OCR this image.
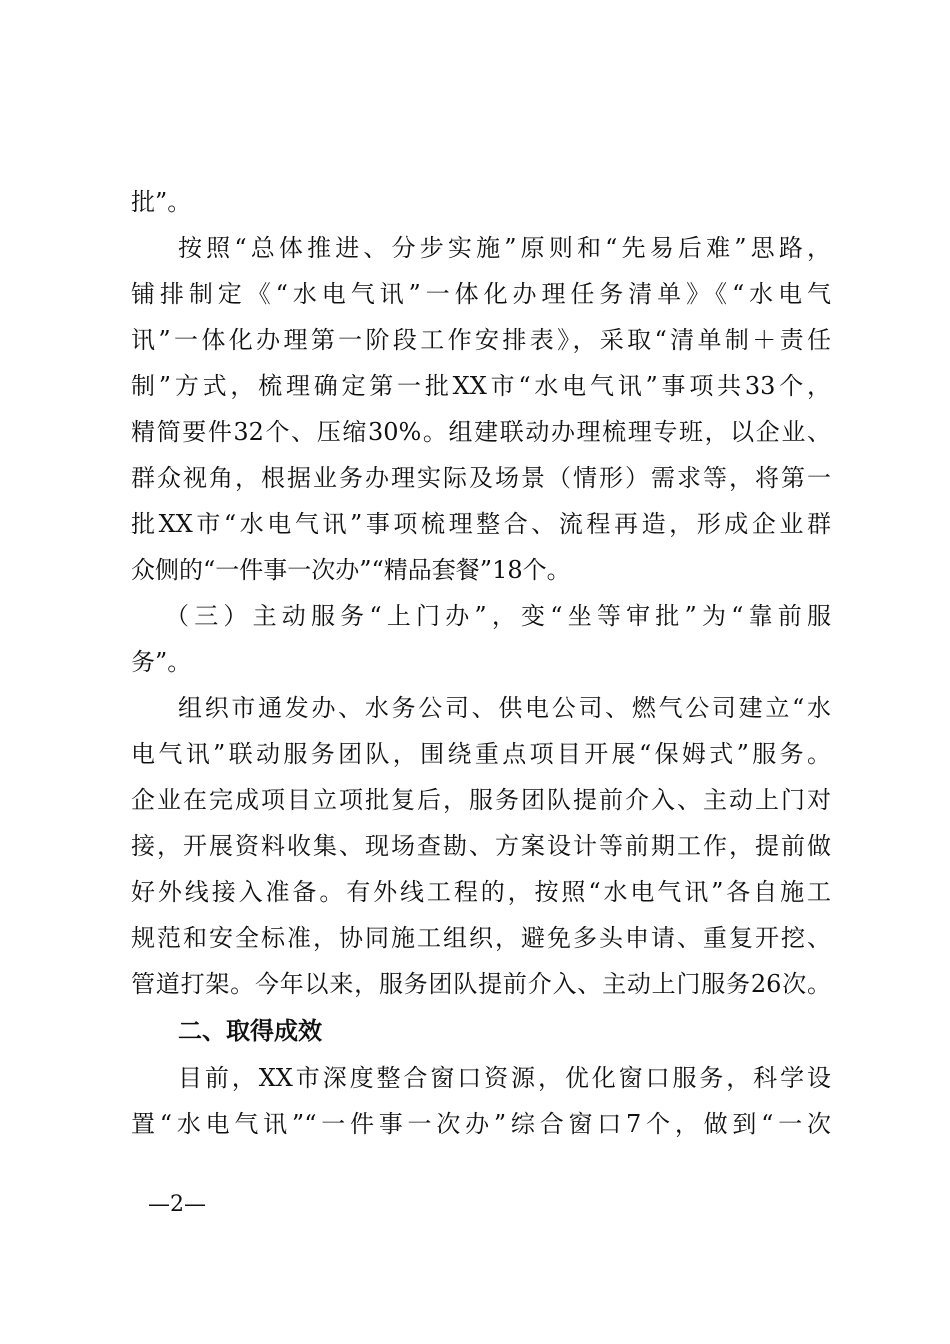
批”。
按照“总体推进、分步实施”原则和“先易后难”思路，
铺排制定《“水电气讯”一体化办理任务清单》《“水电气
讯”一体化办理第一阶段工作安排表》，采取“清单制＋责任
制”方式，梳理确定第一批XX市“水电气讯”事项共33个，
精简要件32个、压缩30%。组建联动办理梳理专班，以企业、
群众视角，根据业务办理实际及场景（情形）需求等，将第一
批XX市“水电气讯”事项梳理整合、流程再造，形成企业群
众侧的“一件事一次办”“精品套餐”18个。
（三）主动服务“上门办”，变“坐等审批”为“靠前服
务”。
组织市通发办、水务公司、供电公司、燃气公司建立“水
电气讯”联动服务团队，围绕重点项目开展“保姆式”服务。
企业在完成项目立项批复后，服务团队提前介入、主动上门对
接，开展资料收集、现场查勘、方案设计等前期工作，提前做
好外线接入准备。有外线工程的，按照“水电气讯”各自施工
规范和安全标准，协同施工组织，避免多头申请、重复开挖、
管道打架。今年以来，服务团队提前介入、主动上门服务26次。
二、取得成效
目前，XX市深度整合窗口资源，优化窗口服务，科学设
置“水电气讯”“一件事一次办”综合窗口7个，做到“一次
—2—
